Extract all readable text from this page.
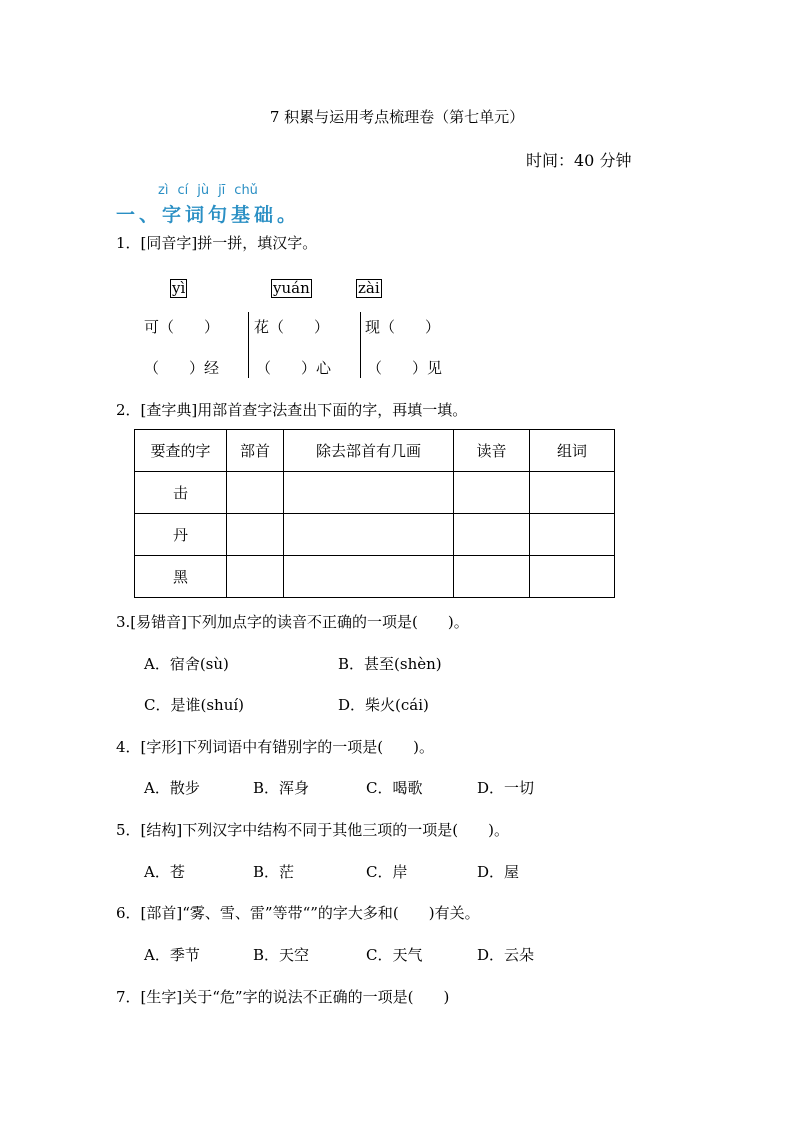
7 积累与运用考点梳理卷（第七单元）
时间：40 分钟
zì cí jù jī chǔ
一、字词句基础。
1．[同音字]拼一拼，填汉字。
yì	yuán	zài
可（　　） 花（　　） 现（　　）
（　　）经 （　　）心 （　　）见
2．[查字典]用部首查字法查出下面的字，再填一填。
要查的字	部首	除去部首有几画	读音	组词
击				
丹				
黑				
3.[易错音]下列加点字的读音不正确的一项是(　　)。
A．宿舍(sù)	B．甚至(shèn)
C．是谁(shuí)	D．柴火(cái)
4．[字形]下列词语中有错别字的一项是(　　)。
A．散步	B．浑身	C．喝歌	D．一切
5．[结构]下列汉字中结构不同于其他三项的一项是(　　)。
A．苍	B．茫	C．岸	D．屋
6．[部首]“雾、雪、雷”等带“”的字大多和(　　)有关。
A．季节	B．天空	C．天气	D．云朵
7．[生字]关于“危”字的说法不正确的一项是(　　)
